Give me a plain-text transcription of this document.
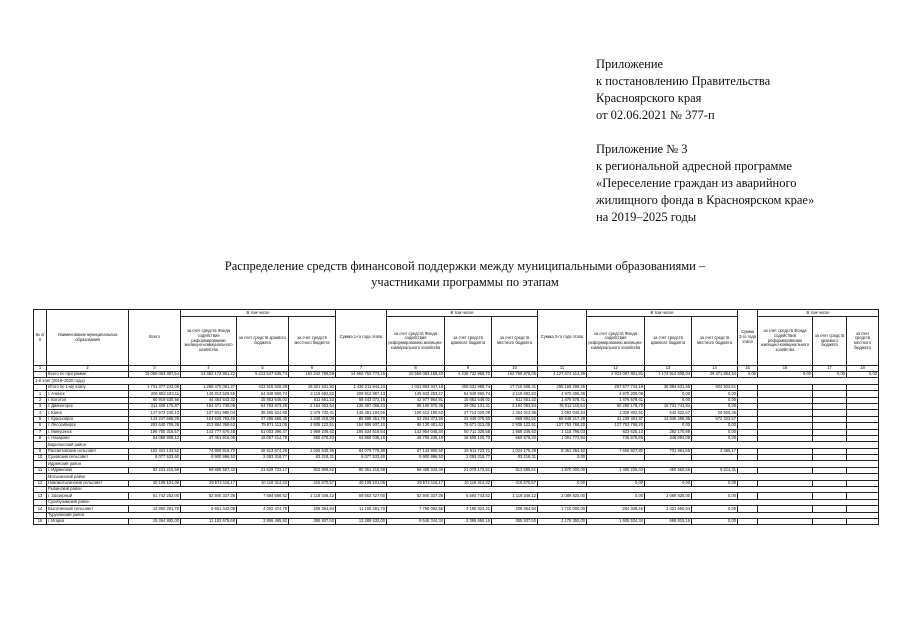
Приложение
к постановлению Правительства
Красноярского края
от 02.06.2021 № 377-п
Приложение № 3
к региональной адресной программе
«Переселение граждан из аварийного
жилищного фонда в Красноярском крае»
на 2019–2025 годы
Распределение средств финансовой поддержки между муниципальными образованиями –
участниками программы по этапам
№ п/п	Наименование муниципальных образований	Всего	В том числе			Сумма 1-го года этапа	В том числе			Сумма 2-го года этапа	В том числе			Сумма 3-го года этапа	В том числе		
			за счет средств Фонда содействия реформированию жилищно-коммунального хозяйства	за счет средств краевого бюджета	за счет средств местного бюджета		за счет средств Фонда содействия реформированию жилищно-коммунального хозяйства	за счет средств краевого бюджета	за счет средств местного бюджета		за счет средств Фонда содействия реформированию жилищно-коммунального хозяйства	за счет средств краевого бюджета	за счет средств местного бюджета		за счет средств Фонда содействия реформированию жилищно-коммунального хозяйства	за счет средств краевого бюджета	за счет средств местного бюджета
1	2	3	4	5	6	7	8	9	10	11	12	13	14	15	16	17	18
	Всего по программе	19 088 063 387,54	13 482 172 961,22	5 413 647 636,74	192 242 789,59	14 960 762 773,15	10 559 083 159,40	4 238 732 958,70	162 769 875,05	4 127 474 414,39	2 923 087 801,81	1 174 914 608,04	29 471 954,54	0,00	0,00	0,00	0,00
1-й этап (2019–2020 годы)																	
	Итого по 1-му этапу	1 731 377 243,08	1 289 470 091,27	443 516 620,39	18 321 531,92	1 436 211 944,23	1 031 863 347,18	406 631 988,74	17 716 608,41	295 165 299,35	257 577 744,19	36 884 631,65	604 923,51				
1	г. Ачинск	206 882 183,11	148 813 529,55	54 948 960,74	2 119 692,82	209 912 987,13	145 843 253,47	54 949 960,74	2 119 692,82	4 970 206,08	4 970 206,08	0,00	0,00				
2	г. Боготол	60 919 630,56	44 454 543,32	15 853 546,02	611 561,22	59 443 072,15	42 977 964,91	15 853 546,02	611 561,22	1 476 578,41	1 476 578,41	0,00	0,00				
3	г. Дивногорск	211 409 175,87	154 471 749,08	54 783 873,25	2 154 053,54	135 397 065,33	98 190 970,38	29 052 131,41	2 154 053,54	76 012 110,54	60 280 178,70	15 731 741,84	0,00				
4	г. Канск	147 573 240,10	107 841 980,04	38 255 524,65	1 475 732,41	145 481 194,56	106 513 180,53	37 713 020,08	1 454 013,95	2 092 045,54	1 328 802,51	542 522,57	20 920,46				
5	г. Красноярск	143 247 668,39	104 525 782,45	37 285 568,45	1 438 318,09	86 599 451,70	63 284 373,56	22 449 079,60	865 994,52	56 648 217,29	41 239 404,87	14 836 488,85	572 323,57				
6	г. Лесосибирск	292 640 709,39	213 884 369,63	75 871 113,05	2 935 122,51	164 906 937,10	86 130 481,63	75 671 013,05	2 935 122,51	127 753 768,20	127 753 768,20	0,00	0,00				
7	г. Минусинск	196 750 316,57	143 777 670,48	51 003 396,47	1 969 246,62	195 634 516,54	142 954 045,34	50 711 328,58	1 959 246,62	1 115 796,03	823 625,14	292 170,89	0,00				
8	г. Назарово	64 059 808,12	47 451 915,00	16 057 214,79	650 678,33	63 868 035,18	46 706 236,16	16 509 120,70	650 678,32	1 091 772,94	745 678,85	346 094,09	0,00				
	Бирилюсский район																
9	Рассветовский сельсовет	102 441 133,52	74 800 818,70	26 613 674,26	1 026 640,56	94 079 778,80	67 143 900,50	25 911 723,71	1 024 175,29	8 361 354,52	7 656 927,80	701 961,55	2 465,17				
10	Суховский сельсовет	8 077 533,60	5 900 996,53	2 093 318,77	83 218,31	8 077 533,60	5 900 996,53	2 093 318,77	83 218,31	0,00							
	Идринский район																
11	г. Идринский	82 231 210,58	59 858 567,43	21 529 733,17	822 909,92	80 361 210,58	58 468 342,46	21 079 172,51	813 695,61	1 870 000,00	1 400 225,03	450 560,66	9 214,31				
	Мотыгинский район																
12	Новомотыгинский сельсовет	40 109 101,06	29 574 116,17	10 118 314,32	416 670,57	40 109 101,06	29 574 116,17	10 118 314,32	416 670,57	0,00	0,00	0,00	0,00				
	Рыбинский район																
13	г. Заозерный	61 742 252,00	52 940 337,36	7 684 568,52	1 118 346,12	59 653 427,00	52 940 337,36	5 594 743,52	1 118 346,12	2 089 825,00	0,00	2 089 825,00	0,00				
	Сухобузимский район																
14	Высотинский сельсовет	12 860 281,70	9 651 442,05	4 002 474,75	206 364,94	11 150 281,70	7 790 092,55	3 180 824,21	206 364,94	1 710 000,00	284 349,46	1 421 650,54	0,00				
	Туруханский район																
15	г. Игарка	15 464 882,00	11 152 679,68	3 956 465,82	355 937,50	13 289 532,00	9 546 344,34	3 386 650,16	355 937,50	2 175 350,00	1 605 534,34	569 815,16	0,00				
